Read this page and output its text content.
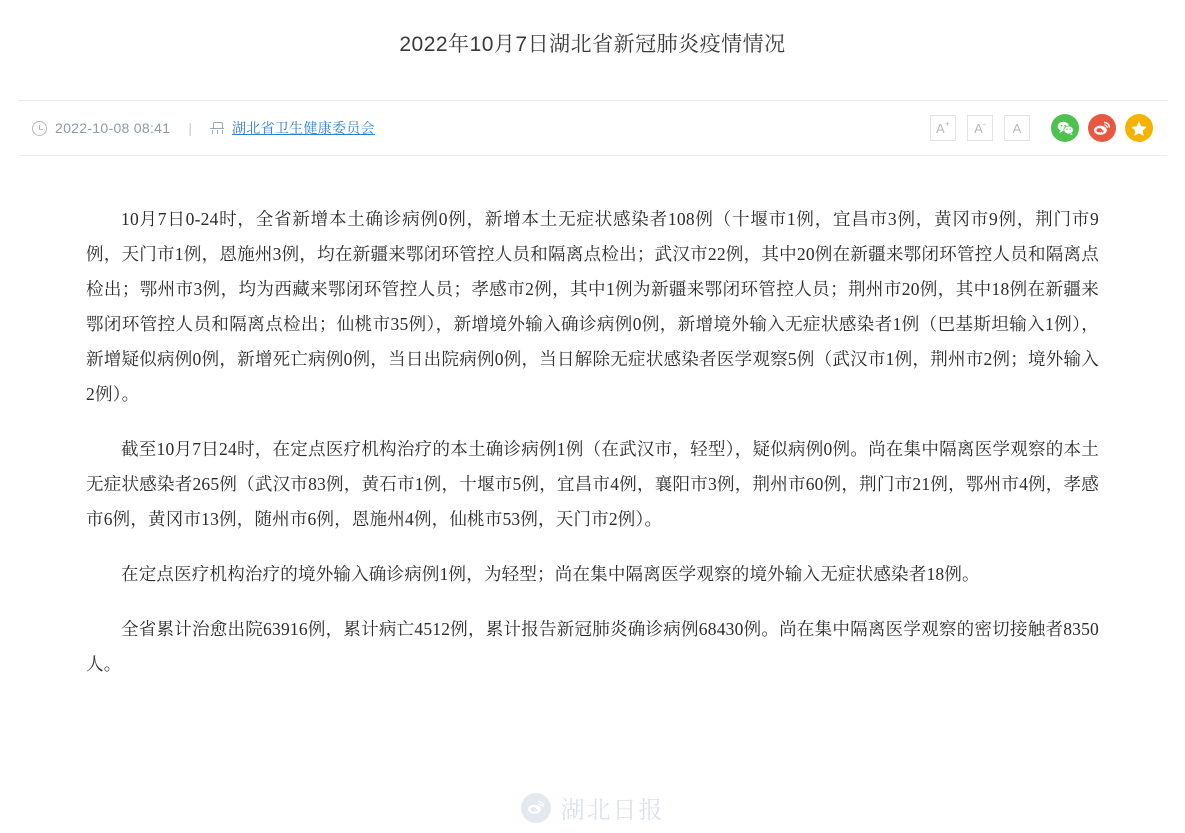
2022年10月7日湖北省新冠肺炎疫情情况
2022-10-08 08:41 |	湖北省卫生健康委员会	A+ A- A

10月7日0-24时，全省新增本土确诊病例0例，新增本土无症状感染者108例（十堰市1例，宜昌市3例，黄冈市9例，荆门市9例，天门市1例，恩施州3例，均在新疆来鄂闭环管控人员和隔离点检出；武汉市22例，其中20例在新疆来鄂闭环管控人员和隔离点检出；鄂州市3例，均为西藏来鄂闭环管控人员；孝感市2例，其中1例为新疆来鄂闭环管控人员；荆州市20例，其中18例在新疆来鄂闭环管控人员和隔离点检出；仙桃市35例），新增境外输入确诊病例0例，新增境外输入无症状感染者1例（巴基斯坦输入1例），新增疑似病例0例，新增死亡病例0例，当日出院病例0例，当日解除无症状感染者医学观察5例（武汉市1例，荆州市2例；境外输入2例）。

截至10月7日24时，在定点医疗机构治疗的本土确诊病例1例（在武汉市，轻型），疑似病例0例。尚在集中隔离医学观察的本土无症状感染者265例（武汉市83例，黄石市1例，十堰市5例，宜昌市4例，襄阳市3例，荆州市60例，荆门市21例，鄂州市4例，孝感市6例，黄冈市13例，随州市6例，恩施州4例，仙桃市53例，天门市2例）。

在定点医疗机构治疗的境外输入确诊病例1例，为轻型；尚在集中隔离医学观察的境外输入无症状感染者18例。

全省累计治愈出院63916例，累计病亡4512例，累计报告新冠肺炎确诊病例68430例。尚在集中隔离医学观察的密切接触者8350人。

湖北日报
